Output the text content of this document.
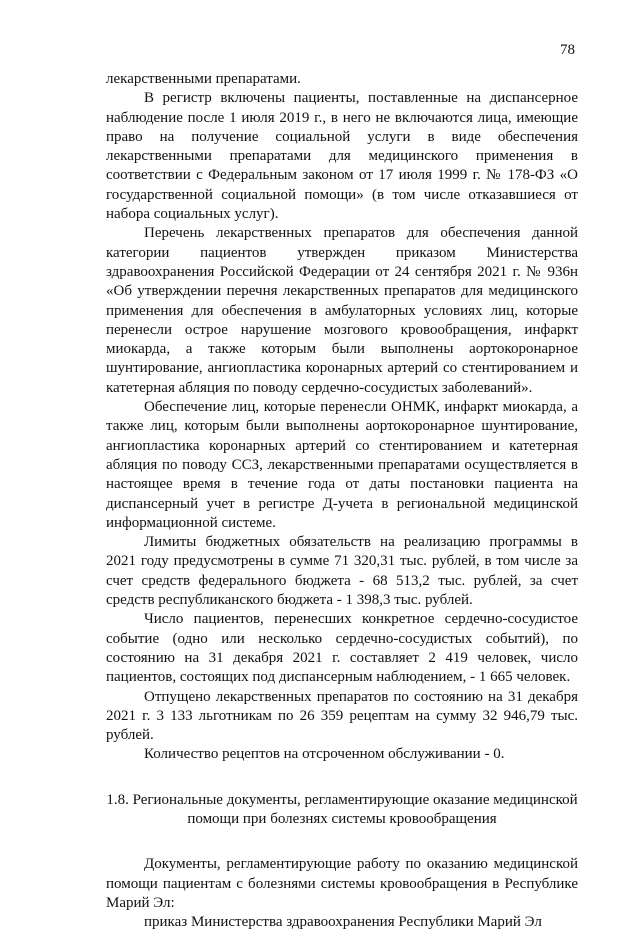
78

лекарственными препаратами.

В регистр включены пациенты, поставленные на диспансерное наблюдение после 1 июля 2019 г., в него не включаются лица, имеющие право на получение социальной услуги в виде обеспечения лекарственными препаратами для медицинского применения в соответствии с Федеральным законом от 17 июля 1999 г. № 178-ФЗ «О государственной социальной помощи» (в том числе отказавшиеся от набора социальных услуг).

Перечень лекарственных препаратов для обеспечения данной категории пациентов утвержден приказом Министерства здравоохранения Российской Федерации от 24 сентября 2021 г. № 936н «Об утверждении перечня лекарственных препаратов для медицинского применения для обеспечения в амбулаторных условиях лиц, которые перенесли острое нарушение мозгового кровообращения, инфаркт миокарда, а также которым были выполнены аортокоронарное шунтирование, ангиопластика коронарных артерий со стентированием и катетерная абляция по поводу сердечно-сосудистых заболеваний».

Обеспечение лиц, которые перенесли ОНМК, инфаркт миокарда, а также лиц, которым были выполнены аортокоронарное шунтирование, ангиопластика коронарных артерий со стентированием и катетерная абляция по поводу ССЗ, лекарственными препаратами осуществляется в настоящее время в течение года от даты постановки пациента на диспансерный учет в регистре Д-учета в региональной медицинской информационной системе.

Лимиты бюджетных обязательств на реализацию программы в 2021 году предусмотрены в сумме 71 320,31 тыс. рублей, в том числе за счет средств федерального бюджета - 68 513,2 тыс. рублей, за счет средств республиканского бюджета - 1 398,3 тыс. рублей.

Число пациентов, перенесших конкретное сердечно-сосудистое событие (одно или несколько сердечно-сосудистых событий), по состоянию на 31 декабря 2021 г. составляет 2 419 человек, число пациентов, состоящих под диспансерным наблюдением, - 1 665 человек.

Отпущено лекарственных препаратов по состоянию на 31 декабря 2021 г. 3 133 льготникам по 26 359 рецептам на сумму 32 946,79 тыс. рублей.

Количество рецептов на отсроченном обслуживании - 0.

1.8. Региональные документы, регламентирующие оказание медицинской помощи при болезнях системы кровообращения

Документы, регламентирующие работу по оказанию медицинской помощи пациентам с болезнями системы кровообращения в Республике Марий Эл:

приказ Министерства здравоохранения Республики Марий Эл
